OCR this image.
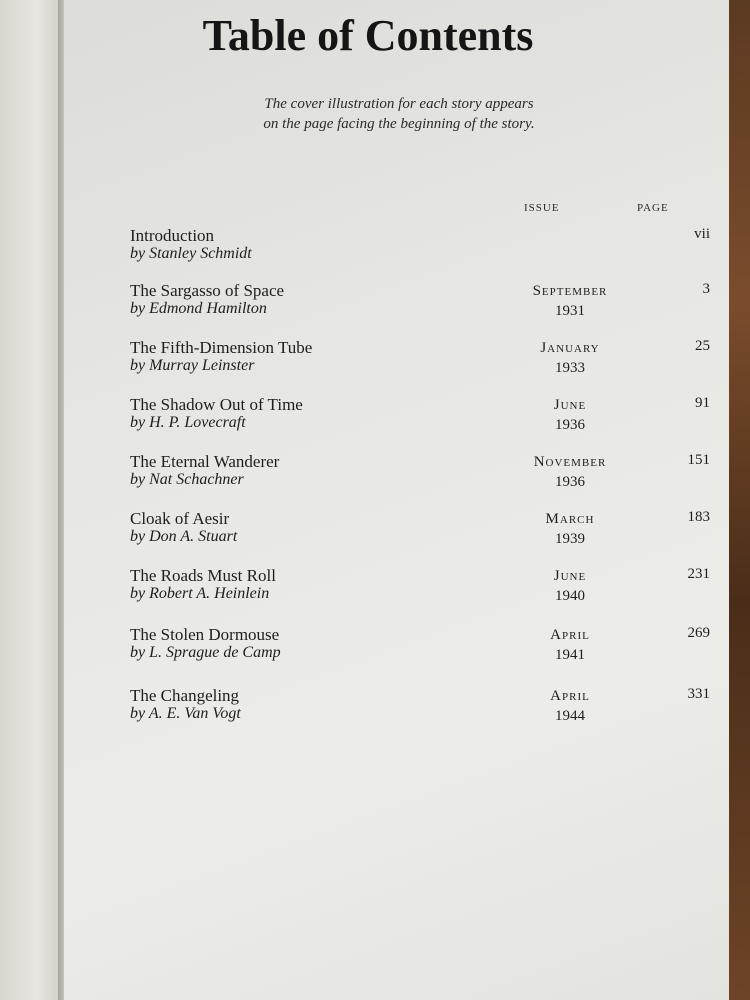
Table of Contents
The cover illustration for each story appears
on the page facing the beginning of the story.
ISSUE	PAGE
Introduction
by Stanley Schmidt
vii
The Sargasso of Space
by Edmond Hamilton
September
1931
3
The Fifth-Dimension Tube
by Murray Leinster
January
1933
25
The Shadow Out of Time
by H. P. Lovecraft
June
1936
91
The Eternal Wanderer
by Nat Schachner
November
1936
151
Cloak of Aesir
by Don A. Stuart
March
1939
183
The Roads Must Roll
by Robert A. Heinlein
June
1940
231
The Stolen Dormouse
by L. Sprague de Camp
April
1941
269
The Changeling
by A. E. Van Vogt
April
1944
331
